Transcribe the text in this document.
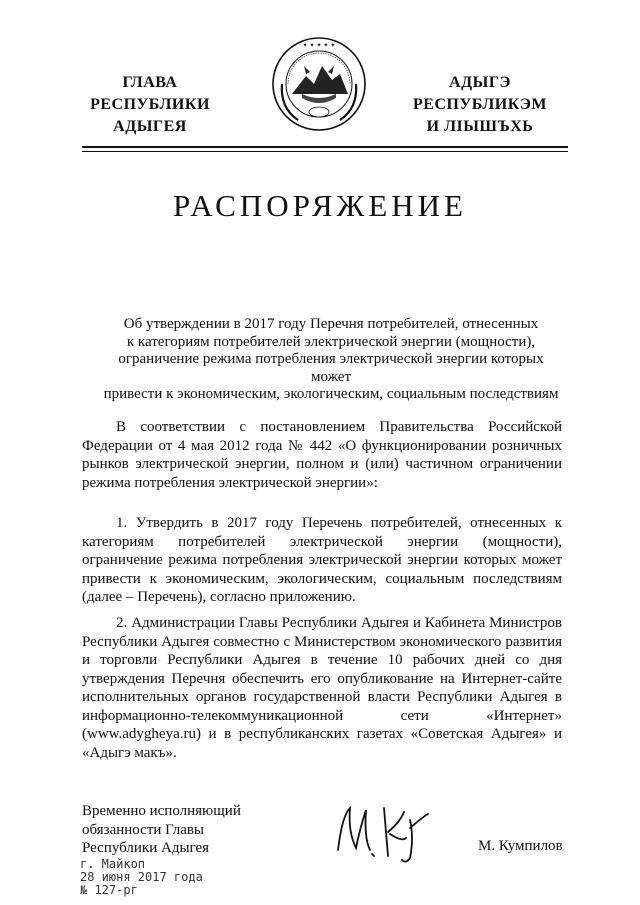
ГЛАВА
РЕСПУБЛИКИ АДЫГЕЯ
✦ ✦ ✦ ✦ ✦
АДЫГЭ РЕСПУБЛИКЭМ
И ЛІЫШЪХЬ
РАСПОРЯЖЕНИЕ
Об утверждении в 2017 году Перечня потребителей, отнесенных
к категориям потребителей электрической энергии (мощности),
ограничение режима потребления электрической энергии которых может
привести к экономическим, экологическим, социальным последствиям
В соответствии с постановлением Правительства Российской Федерации от 4 мая 2012 года № 442 «О функционировании розничных рынков электрической энергии, полном и (или) частичном ограничении режима потребления электрической энергии»:
1. Утвердить в 2017 году Перечень потребителей, отнесенных к категориям потребителей электрической энергии (мощности), ограничение режима потребления электрической энергии которых может привести к экономическим, экологическим, социальным последствиям (далее – Перечень), согласно приложению.
2. Администрации Главы Республики Адыгея и Кабинета Министров Республики Адыгея совместно с Министерством экономического развития и торговли Республики Адыгея в течение 10 рабочих дней со дня утверждения Перечня обеспечить его опубликование на Интернет-сайте исполнительных органов государственной власти Республики Адыгея в информационно-телекоммуникационной сети «Интернет» (www.adygheya.ru) и в республиканских газетах «Советская Адыгея» и «Адыгэ макъ».
Временно исполняющий
обязанности Главы
Республики Адыгея	М. Кумпилов
г. Майкоп
28 июня 2017 года
№ 127-рг
